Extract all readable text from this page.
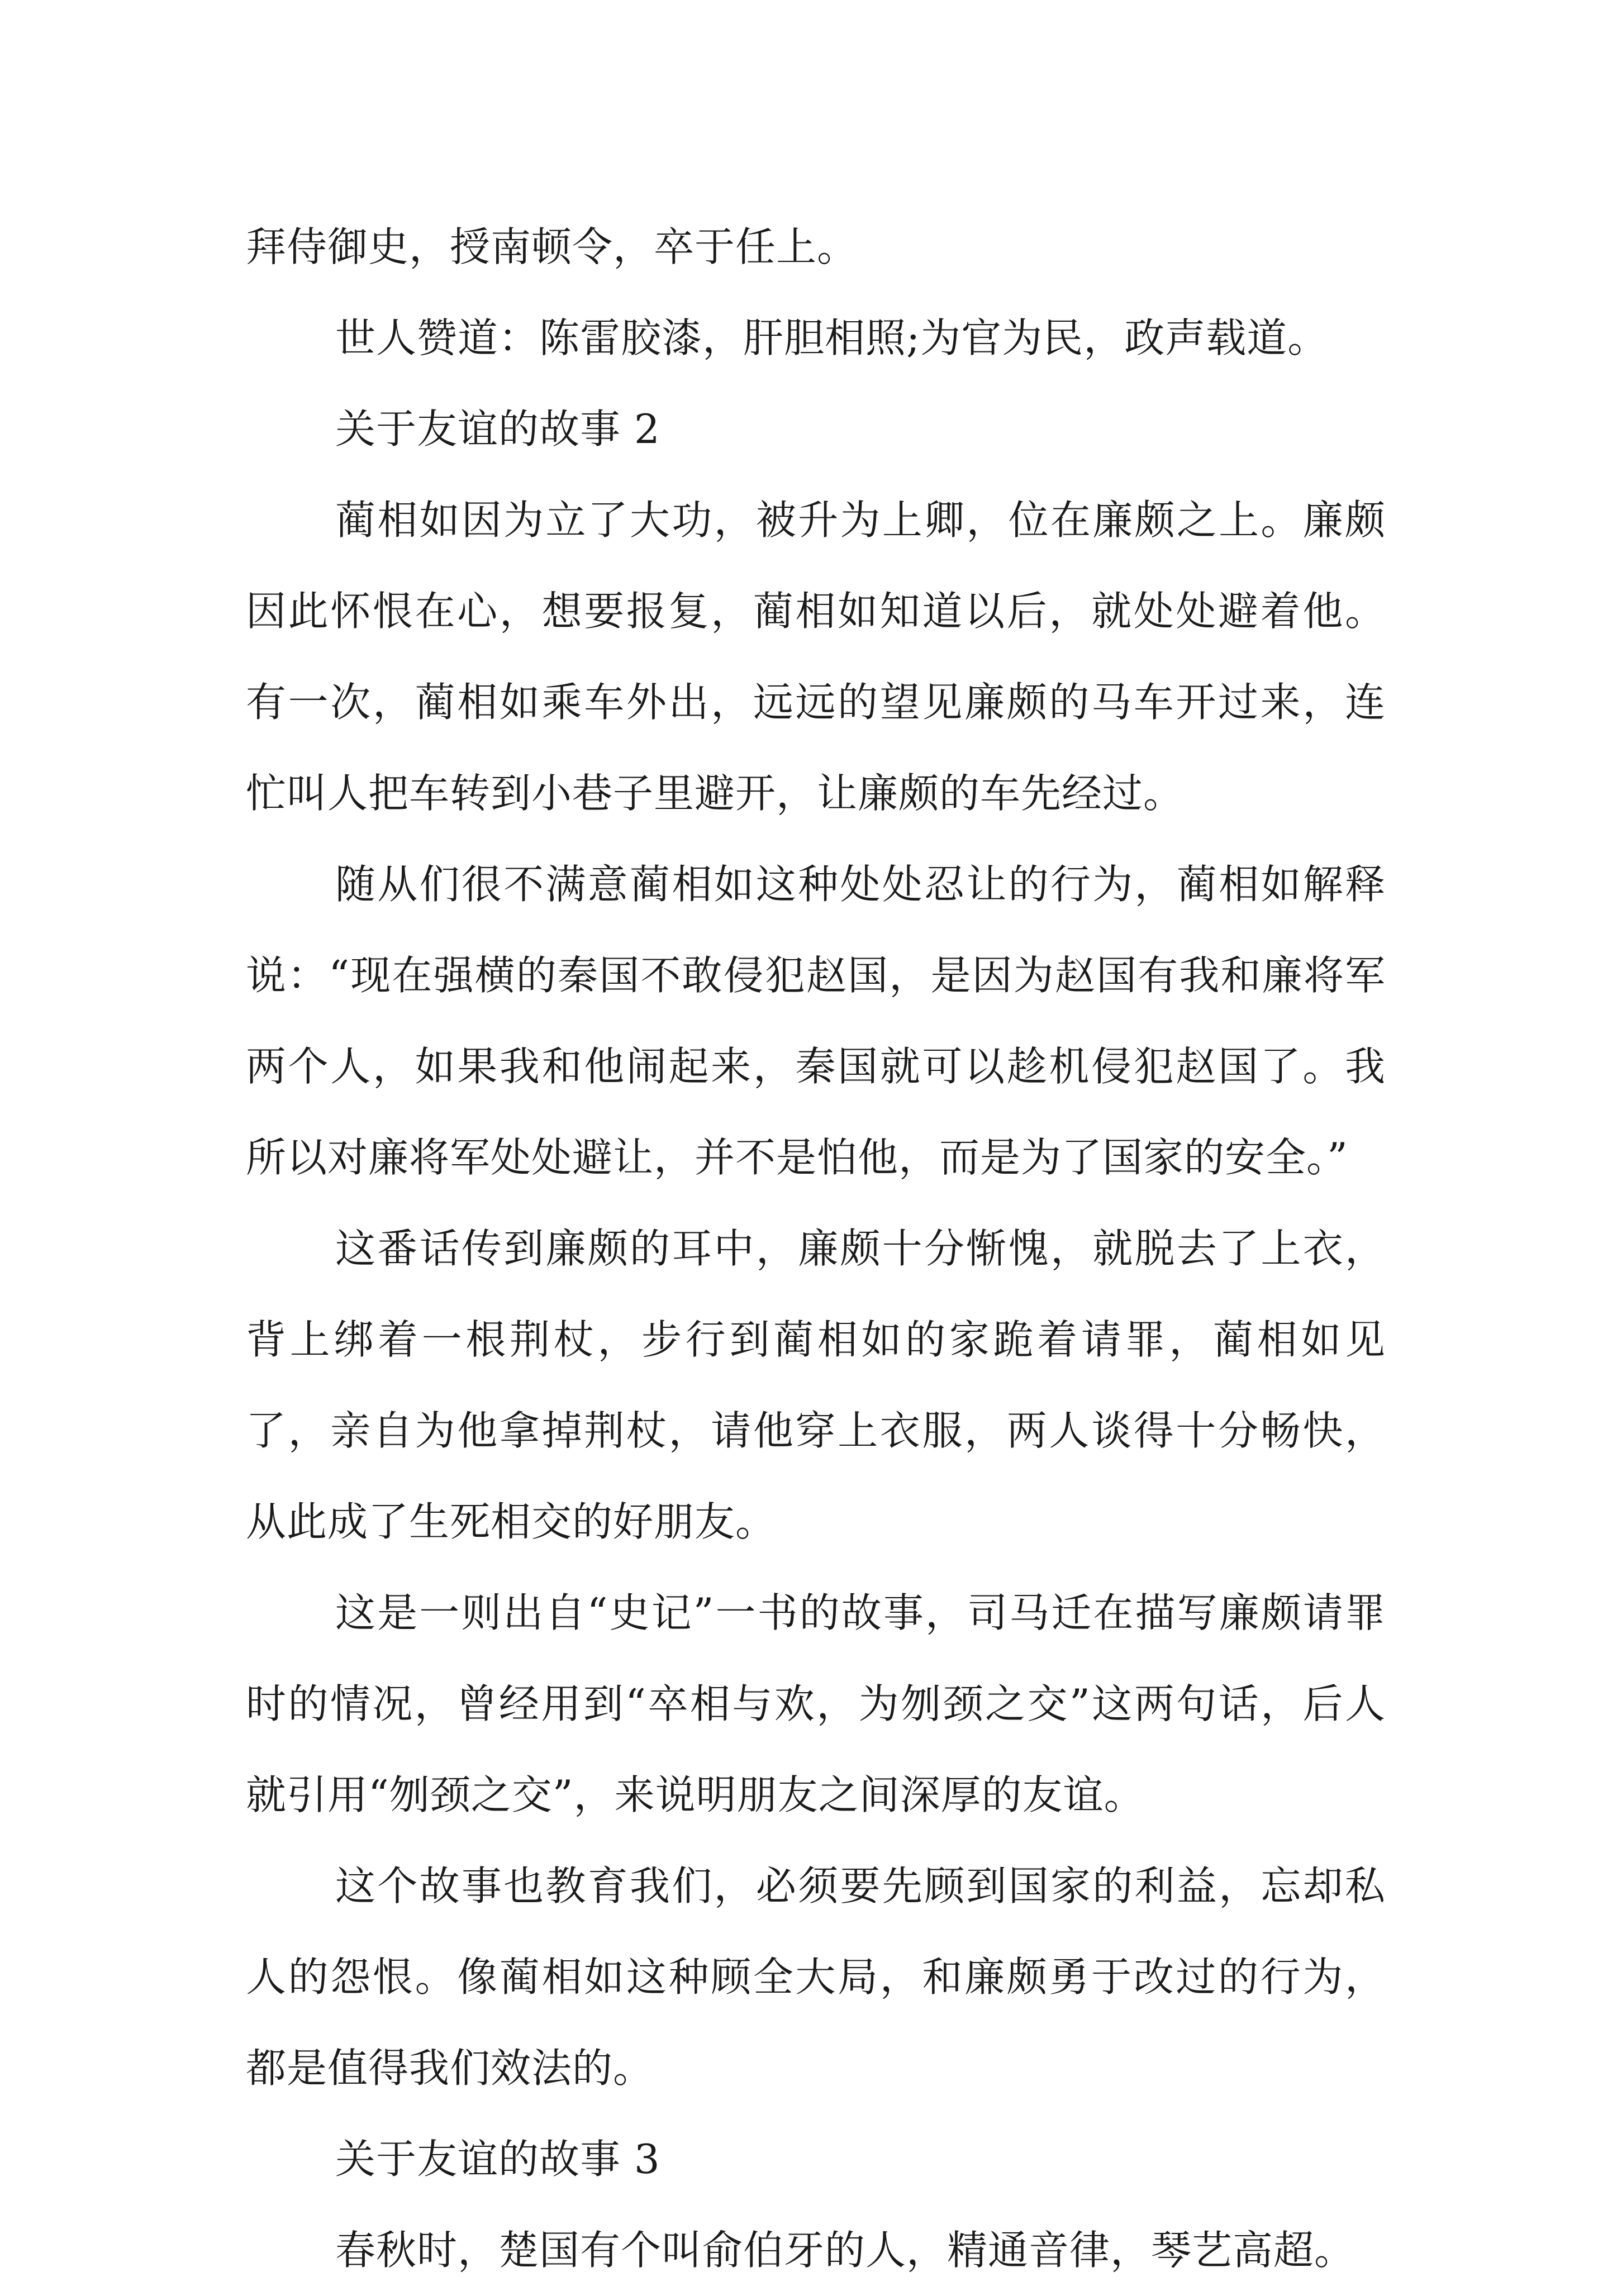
拜侍御史，授南顿令，卒于任上。

世人赞道：陈雷胶漆，肝胆相照;为官为民，政声载道。

关于友谊的故事 2

蔺相如因为立了大功，被升为上卿，位在廉颇之上。廉颇因此怀恨在心，想要报复，蔺相如知道以后，就处处避着他。有一次，蔺相如乘车外出，远远的望见廉颇的马车开过来，连忙叫人把车转到小巷子里避开，让廉颇的车先经过。

随从们很不满意蔺相如这种处处忍让的行为，蔺相如解释说：“现在强横的秦国不敢侵犯赵国，是因为赵国有我和廉将军两个人，如果我和他闹起来，秦国就可以趁机侵犯赵国了。我所以对廉将军处处避让，并不是怕他，而是为了国家的安全。”

这番话传到廉颇的耳中，廉颇十分惭愧，就脱去了上衣，背上绑着一根荆杖，步行到蔺相如的家跪着请罪，蔺相如见了，亲自为他拿掉荆杖，请他穿上衣服，两人谈得十分畅快，从此成了生死相交的好朋友。

这是一则出自“史记”一书的故事，司马迁在描写廉颇请罪时的情况，曾经用到“卒相与欢，为刎颈之交”这两句话，后人就引用“刎颈之交”，来说明朋友之间深厚的友谊。

这个故事也教育我们，必须要先顾到国家的利益，忘却私人的怨恨。像蔺相如这种顾全大局，和廉颇勇于改过的行为，都是值得我们效法的。

关于友谊的故事 3

春秋时，楚国有个叫俞伯牙的人，精通音律，琴艺高超。
